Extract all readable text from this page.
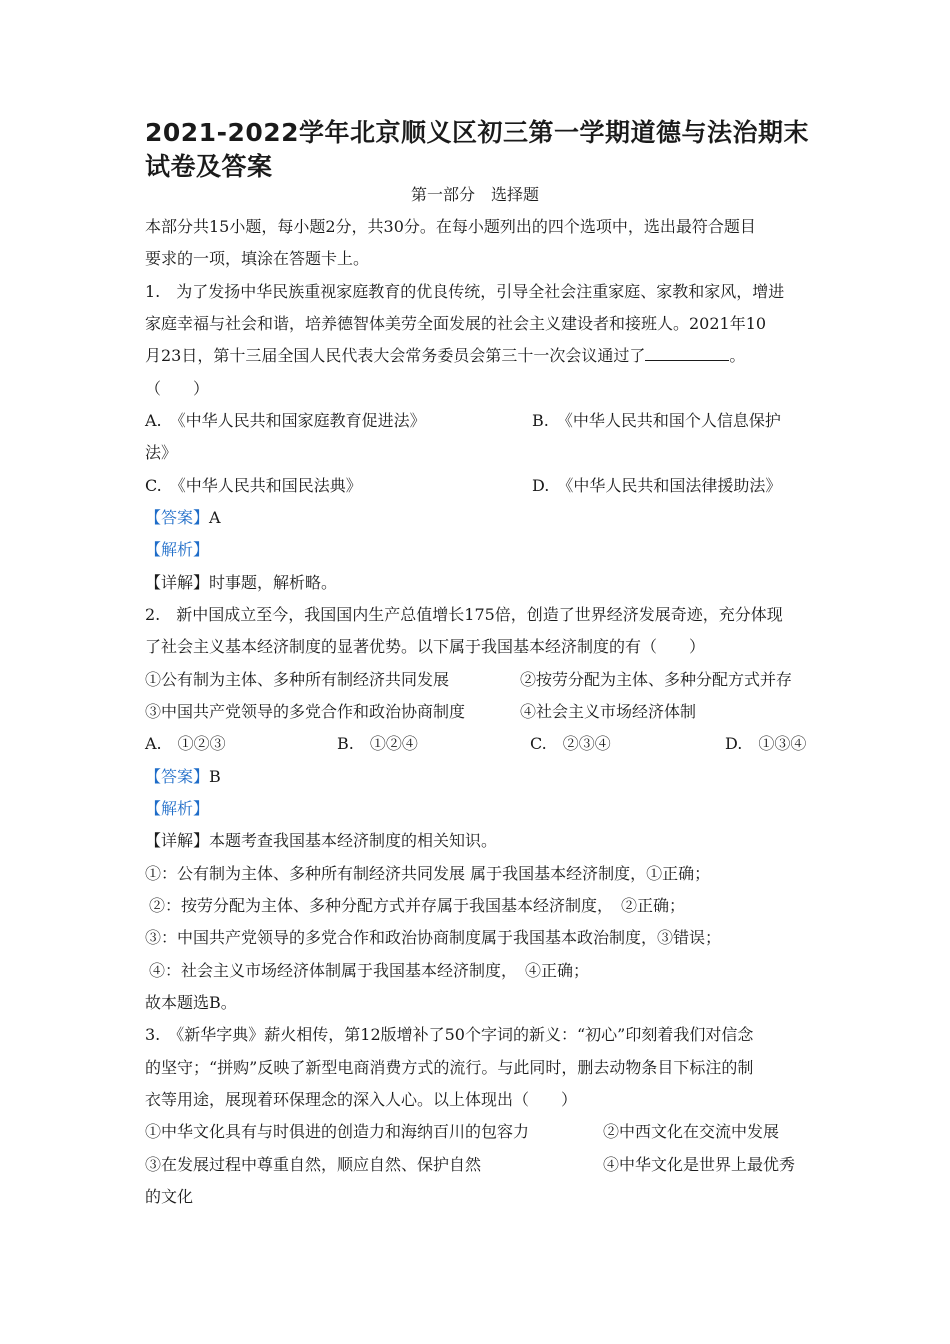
2021-2022学年北京顺义区初三第一学期道德与法治期末试卷及答案
第一部分　选择题
本部分共15小题，每小题2分，共30分。在每小题列出的四个选项中，选出最符合题目
要求的一项，填涂在答题卡上。
1.　为了发扬中华民族重视家庭教育的优良传统，引导全社会注重家庭、家教和家风，增进
家庭幸福与社会和谐，培养德智体美劳全面发展的社会主义建设者和接班人。2021年10
月23日，第十三届全国人民代表大会常务委员会第三十一次会议通过了	。
（　　）
A.　《中华人民共和国家庭教育促进法》	B.　《中华人民共和国个人信息保护
法》
C.　《中华人民共和国民法典》	D.　《中华人民共和国法律援助法》
【答案】A
【解析】
【详解】时事题，解析略。
2.　新中国成立至今，我国国内生产总值增长175倍，创造了世界经济发展奇迹，充分体现
了社会主义基本经济制度的显著优势。以下属于我国基本经济制度的有（　　）
①公有制为主体、多种所有制经济共同发展	②按劳分配为主体、多种分配方式并存
③中国共产党领导的多党合作和政治协商制度	④社会主义市场经济体制
A.　①②③	B.　①②④	C.　②③④	D.　①③④
【答案】B
【解析】
【详解】本题考查我国基本经济制度的相关知识。
①：公有制为主体、多种所有制经济共同发展 属于我国基本经济制度，①正确；
②：按劳分配为主体、多种分配方式并存属于我国基本经济制度，　②正确；
③：中国共产党领导的多党合作和政治协商制度属于我国基本政治制度，③错误；
④：社会主义市场经济体制属于我国基本经济制度，　④正确；
故本题选B。
3.　《新华字典》薪火相传，第12版增补了50个字词的新义：“初心”印刻着我们对信念
的坚守；“拼购”反映了新型电商消费方式的流行。与此同时，删去动物条目下标注的制
衣等用途，展现着环保理念的深入人心。以上体现出（　　）
①中华文化具有与时俱进的创造力和海纳百川的包容力	②中西文化在交流中发展
③在发展过程中尊重自然，顺应自然、保护自然	④中华文化是世界上最优秀
的文化
